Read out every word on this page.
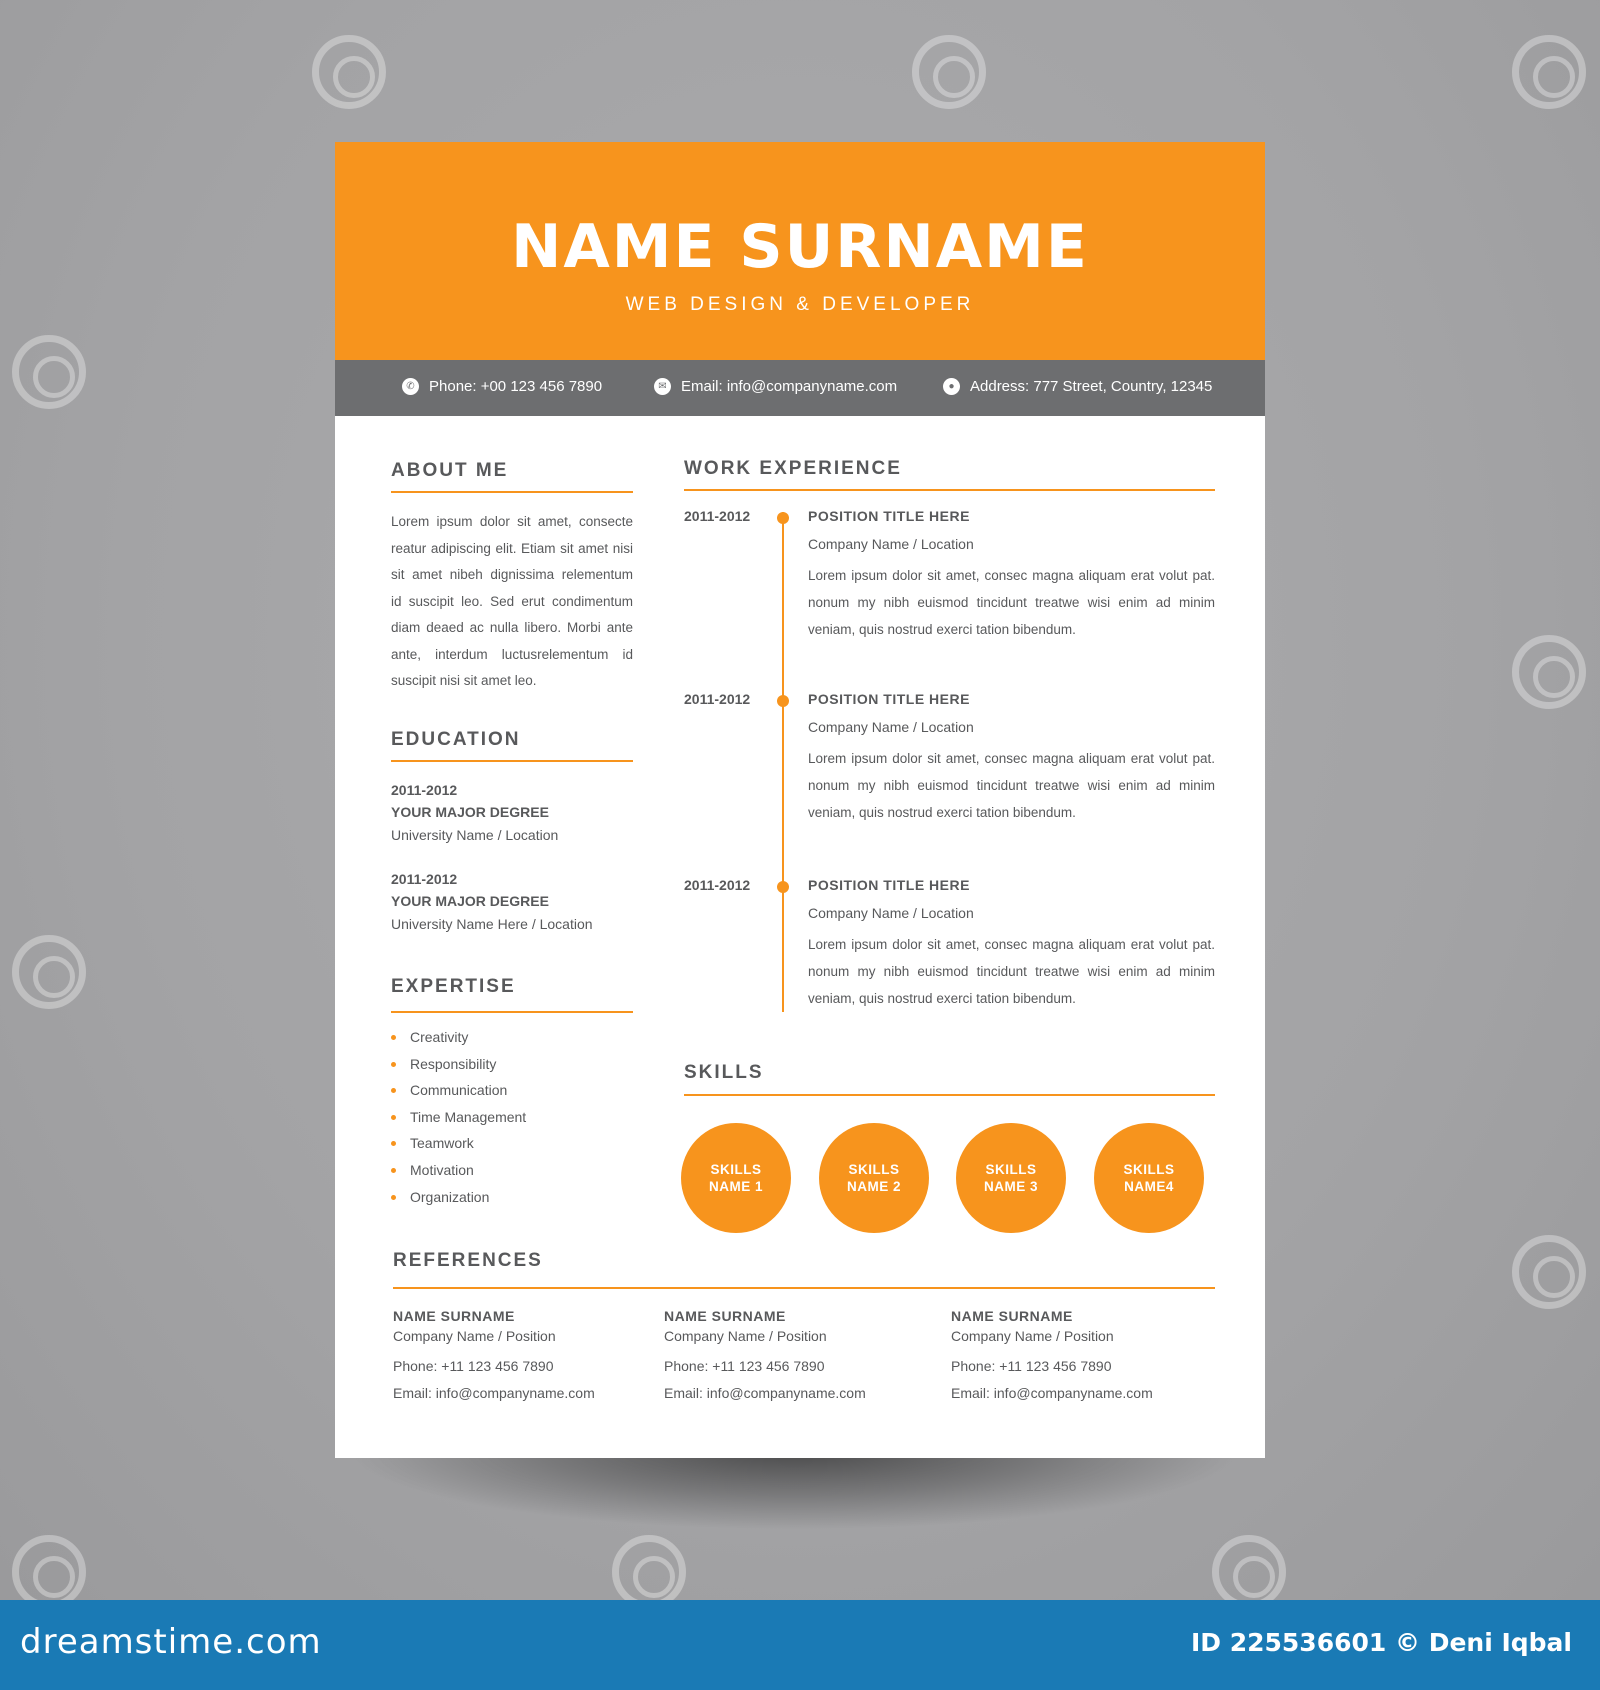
NAME SURNAME
WEB DESIGN & DEVELOPER
✆ Phone: +00 123 456 7890	✉ Email: info@companyname.com	●	Address: 777 Street, Country, 12345
ABOUT ME
Lorem ipsum dolor sit amet, consecte
reatur adipiscing elit. Etiam sit amet nisi
sit amet nibeh dignissima relementum
id suscipit leo. Sed erut condimentum
diam deaed ac nulla libero. Morbi ante
ante, interdum luctusrelementum id
suscipit nisi sit amet leo.
EDUCATION
2011-2012
YOUR MAJOR DEGREE
University Name / Location
2011-2012
YOUR MAJOR DEGREE
University Name Here / Location
EXPERTISE
Creativity
Responsibility
Communication
Time Management
Teamwork
Motivation
Organization
WORK EXPERIENCE
2011-2012	POSITION TITLE HERE
Company Name / Location
Lorem ipsum dolor sit amet, consec magna aliquam erat volut pat.
nonum my nibh euismod tincidunt treatwe wisi enim ad minim
veniam, quis nostrud exerci tation bibendum.
2011-2012	POSITION TITLE HERE
Company Name / Location
Lorem ipsum dolor sit amet, consec magna aliquam erat volut pat.
nonum my nibh euismod tincidunt treatwe wisi enim ad minim
veniam, quis nostrud exerci tation bibendum.
2011-2012	POSITION TITLE HERE
Company Name / Location
Lorem ipsum dolor sit amet, consec magna aliquam erat volut pat.
nonum my nibh euismod tincidunt treatwe wisi enim ad minim
veniam, quis nostrud exerci tation bibendum.
SKILLS
SKILLS NAME 1
SKILLS NAME 2
SKILLS NAME 3
SKILLS NAME4
REFERENCES
NAME SURNAME
Company Name / Position
Phone: +11 123 456 7890
Email: info@companyname.com
NAME SURNAME
Company Name / Position
Phone: +11 123 456 7890
Email: info@companyname.com
NAME SURNAME
Company Name / Position
Phone: +11 123 456 7890
Email: info@companyname.com
dreamstime.com	ID 225536601 © Deni Iqbal
